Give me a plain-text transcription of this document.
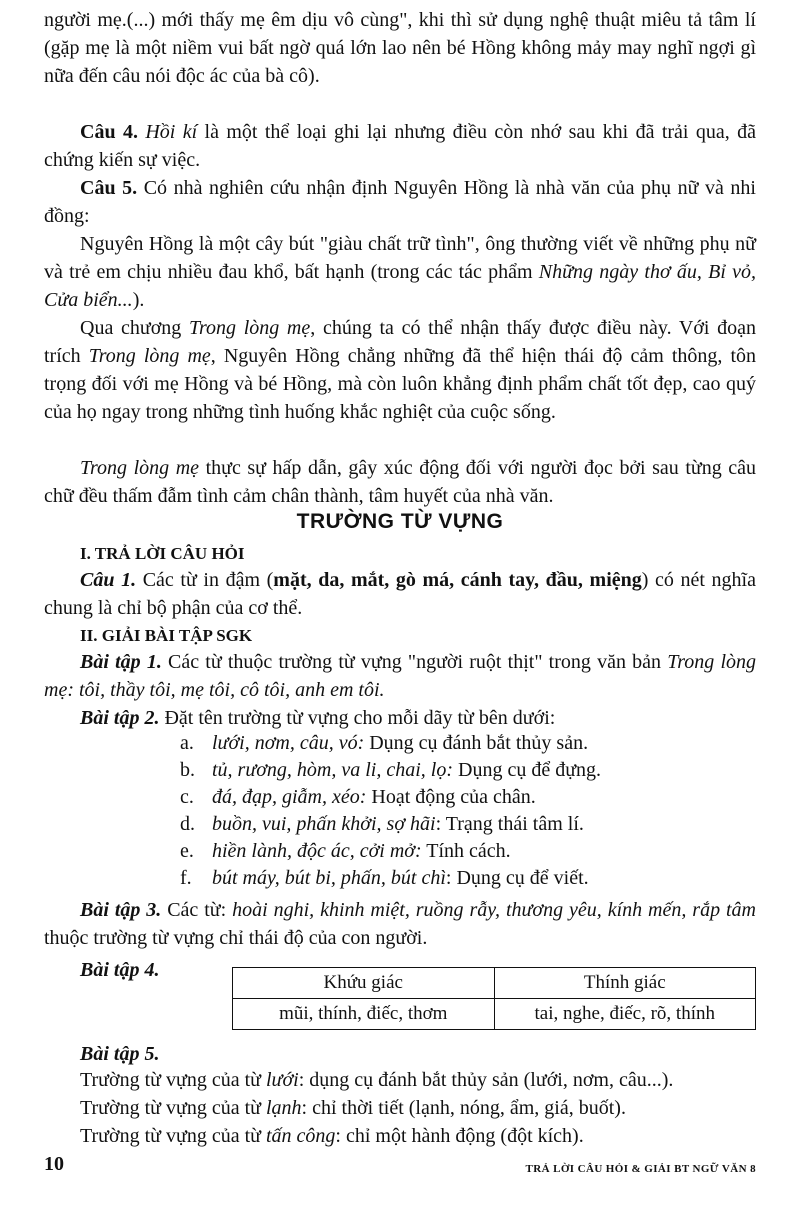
người mẹ.(...) mới thấy mẹ êm dịu vô cùng", khi thì sử dụng nghệ thuật miêu tả tâm lí (gặp mẹ là một niềm vui bất ngờ quá lớn lao nên bé Hồng không mảy may nghĩ ngợi gì nữa đến câu nói độc ác của bà cô).

Câu 4. Hồi kí là một thể loại ghi lại nhưng điều còn nhớ sau khi đã trải qua, đã chứng kiến sự việc.

Câu 5. Có nhà nghiên cứu nhận định Nguyên Hồng là nhà văn của phụ nữ và nhi đồng:

Nguyên Hồng là một cây bút "giàu chất trữ tình", ông thường viết về những phụ nữ và trẻ em chịu nhiều đau khổ, bất hạnh (trong các tác phẩm Những ngày thơ ấu, Bỉ vỏ, Cửa biển...).

Qua chương Trong lòng mẹ, chúng ta có thể nhận thấy được điều này. Với đoạn trích Trong lòng mẹ, Nguyên Hồng chẳng những đã thể hiện thái độ cảm thông, tôn trọng đối với mẹ Hồng và bé Hồng, mà còn luôn khẳng định phẩm chất tốt đẹp, cao quý của họ ngay trong những tình huống khắc nghiệt của cuộc sống.

Trong lòng mẹ thực sự hấp dẫn, gây xúc động đối với người đọc bởi sau từng câu chữ đều thấm đẫm tình cảm chân thành, tâm huyết của nhà văn.

TRƯỜNG TỪ VỰNG
I. TRẢ LỜI CÂU HỎI

Câu 1. Các từ in đậm (mặt, da, mắt, gò má, cánh tay, đầu, miệng) có nét nghĩa chung là chỉ bộ phận của cơ thể.

II. GIẢI BÀI TẬP SGK

Bài tập 1. Các từ thuộc trường từ vựng "người ruột thịt" trong văn bản Trong lòng mẹ: tôi, thầy tôi, mẹ tôi, cô tôi, anh em tôi.

Bài tập 2. Đặt tên trường từ vựng cho mỗi dãy từ bên dưới:

a. lưới, nơm, câu, vó: Dụng cụ đánh bắt thủy sản.
b. tủ, rương, hòm, va li, chai, lọ: Dụng cụ để đựng.
c. đá, đạp, giẫm, xéo: Hoạt động của chân.
d. buồn, vui, phấn khởi, sợ hãi: Trạng thái tâm lí.
e. hiền lành, độc ác, cởi mở: Tính cách.
f. bút máy, bút bi, phấn, bút chì: Dụng cụ để viết.

Bài tập 3. Các từ: hoài nghi, khinh miệt, ruồng rẫy, thương yêu, kính mến, rắp tâm thuộc trường từ vựng chỉ thái độ của con người.

Bài tập 4.
Khứu giác	Thính giác
mũi, thính, điếc, thơm	tai, nghe, điếc, rõ, thính
Bài tập 5.
Trường từ vựng của từ lưới: dụng cụ đánh bắt thủy sản (lưới, nơm, câu...).
Trường từ vựng của từ lạnh: chỉ thời tiết (lạnh, nóng, ẩm, giá, buốt).
Trường từ vựng của từ tấn công: chỉ một hành động (đột kích).
10	TRẢ LỜI CÂU HỎI & GIẢI BT NGỮ VĂN 8
